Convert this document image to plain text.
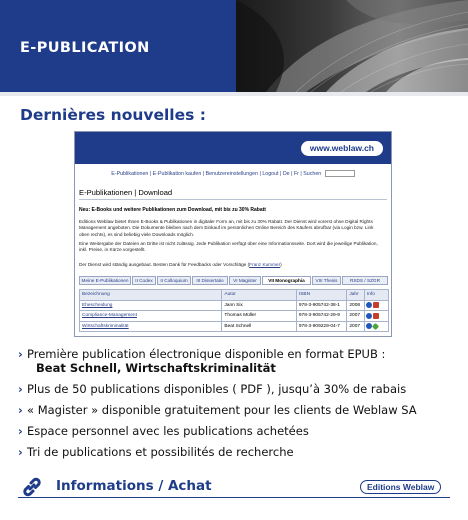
E-PUBLICATION
Dernières nouvelles :
www.weblaw.ch
E-Publikationen | E-Publikation kaufen | Benutzereinstellungen | Logout | De | Fr | Suchen
E-Publikationen | Download
Neu: E-Books und weitere Publikationen zum Download, mit bis zu 30% Rabatt
Editions Weblaw bietet Ihnen E-Books & Publikationen in digitaler Form an, mit bis zu 30% Rabatt. Der Dienst wird vorerst ohne Digital Rights Management angeboten. Die Dokumente bleiben nach dem Einkauf im persönlichen Online Bereich des Käufers abrufbar (via Login bzw. Link oben rechts), es sind beliebig viele Downloads möglich.
Eine Weitergabe der Dateien an Dritte ist nicht zulässig. Jede Publikation verfügt über eine Informationsseite. Dort wird die jeweilige Publikation, inkl. Preise, in Kürze vorgestellt.
Der Dienst wird ständig ausgebaut. Besten Dank für Feedbacks oder Vorschläge (Franz Kummer)
Meine E-Publikationen	II Codex	II Colloquium	III Dissertatio	VI Magister	VII Monographia	VIII Thesis	RSDS / SZGR
Bezeichnung	Autor	ISBN	Jahr	Info
Ehescheidung	Jann Six	978-3-905742-38-1	2008	
Compliance-Management	Thomas Müller	978-3-905742-29-9	2007	
Wirtschaftskriminalität	Beat Schnell	978-3-909229-04-7	2007	
› Première publication électronique disponible en format EPUB :
Beat Schnell, Wirtschaftskriminalität
› Plus de 50 publications disponibles ( PDF ), jusqu’à 30% de rabais
› « Magister » disponible gratuitement pour les clients de Weblaw SA
› Espace personnel avec les publications achetées
› Tri de publications et possibilités de recherche
Informations / Achat	Editions Weblaw
